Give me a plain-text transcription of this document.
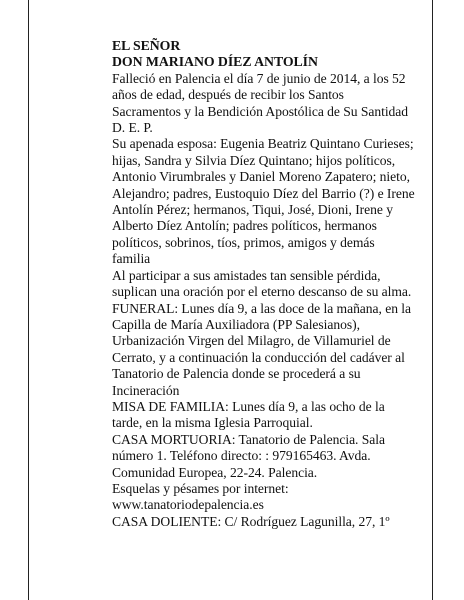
EL SEÑOR
DON MARIANO DÍEZ ANTOLÍN
Falleció en Palencia el día 7 de junio de 2014, a los 52
años de edad, después de recibir los Santos
Sacramentos y la Bendición Apostólica de Su Santidad
D. E. P.
Su apenada esposa: Eugenia Beatriz Quintano Curieses;
hijas, Sandra y Silvia Díez Quintano; hijos políticos,
Antonio Virumbrales y Daniel Moreno Zapatero; nieto,
Alejandro; padres, Eustoquio Díez del Barrio (?) e Irene
Antolín Pérez; hermanos, Tiqui, José, Dioni, Irene y
Alberto Díez Antolín; padres políticos, hermanos
políticos, sobrinos, tíos, primos, amigos y demás
familia
Al participar a sus amistades tan sensible pérdida,
suplican una oración por el eterno descanso de su alma.
FUNERAL: Lunes día 9, a las doce de la mañana, en la
Capilla de María Auxiliadora (PP Salesianos),
Urbanización Virgen del Milagro, de Villamuriel de
Cerrato, y a continuación la conducción del cadáver al
Tanatorio de Palencia donde se procederá a su
Incineración
MISA DE FAMILIA: Lunes día 9, a las ocho de la
tarde, en la misma Iglesia Parroquial.
CASA MORTUORIA: Tanatorio de Palencia. Sala
número 1. Teléfono directo: : 979165463. Avda.
Comunidad Europea, 22-24. Palencia.
Esquelas y pésames por internet:
www.tanatoriodepalencia.es
CASA DOLIENTE: C/ Rodríguez Lagunilla, 27, 1º
